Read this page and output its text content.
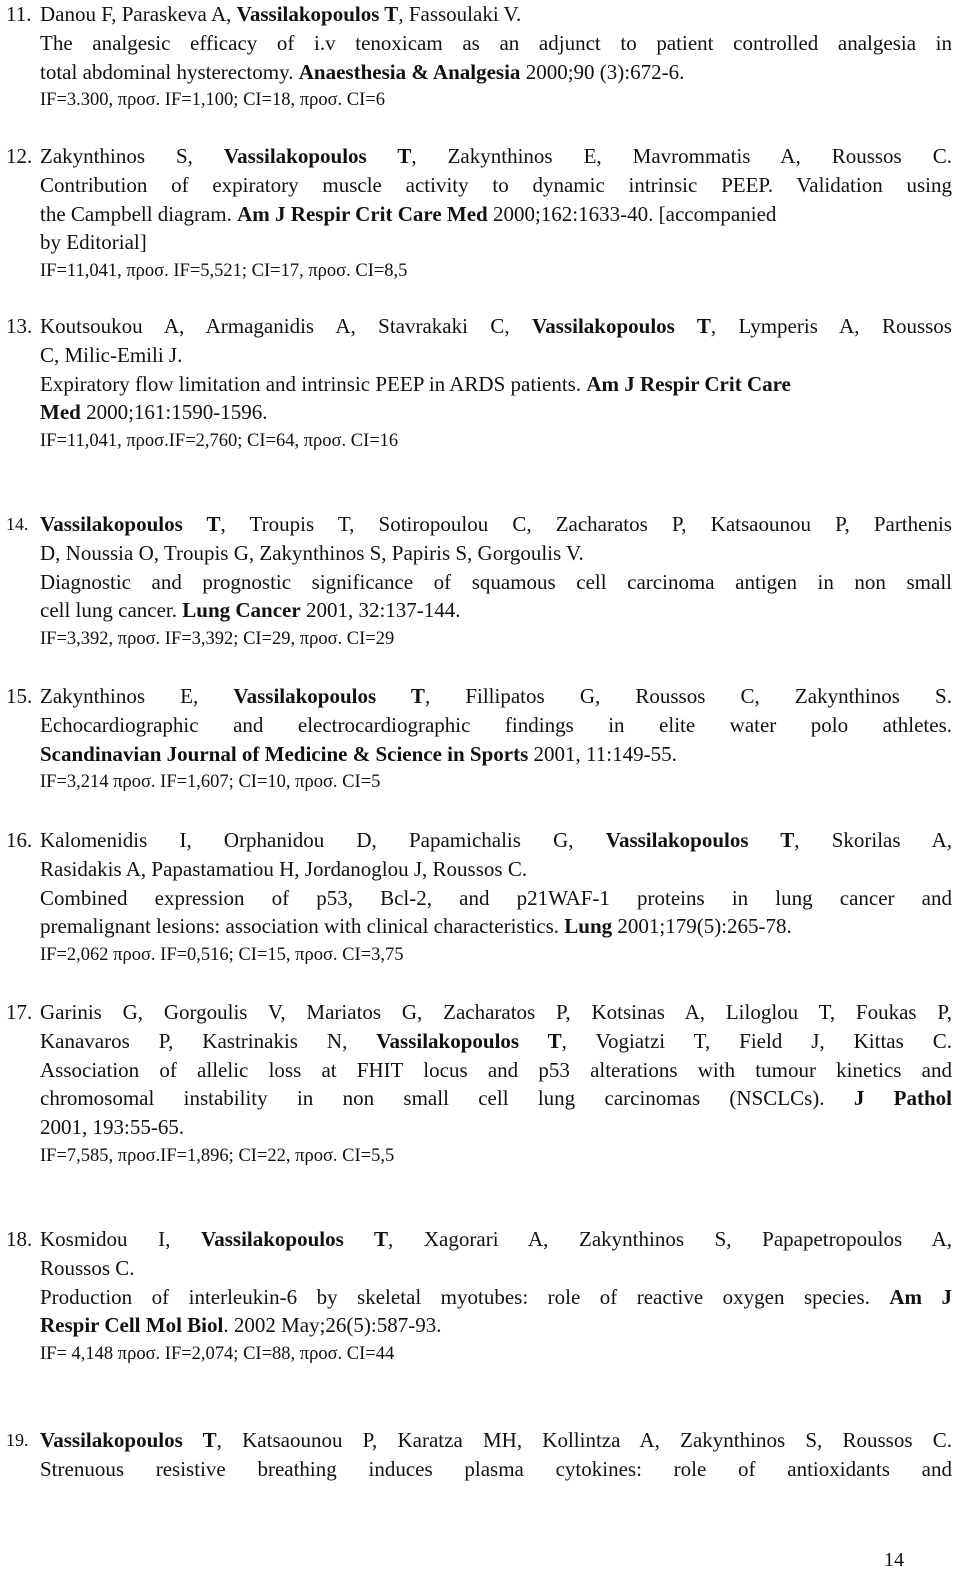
11. Danou F, Paraskeva A, Vassilakopoulos T, Fassoulaki V.
The analgesic efficacy of i.v tenoxicam as an adjunct to patient controlled analgesia in
total abdominal hysterectomy. Anaesthesia & Analgesia 2000;90 (3):672-6.
IF=3.300, προσ. IF=1,100; CI=18, προσ. CI=6
12. Zakynthinos S, Vassilakopoulos T, Zakynthinos E, Mavrommatis A, Roussos C.
Contribution of expiratory muscle activity to dynamic intrinsic PEEP. Validation using
the Campbell diagram. Am J Respir Crit Care Med 2000;162:1633-40. [accompanied
by Editorial]
IF=11,041, προσ. IF=5,521; CI=17, προσ. CI=8,5
13. Koutsoukou A, Armaganidis A, Stavrakaki C, Vassilakopoulos T, Lymperis A, Roussos
C, Milic-Emili J.
Expiratory flow limitation and intrinsic PEEP in ARDS patients. Am J Respir Crit Care
Med 2000;161:1590-1596.
IF=11,041, προσ.IF=2,760; CI=64, προσ. CI=16
14. Vassilakopoulos T, Troupis T, Sotiropoulou C, Zacharatos P, Katsaounou P, Parthenis
D, Noussia O, Troupis G, Zakynthinos S, Papiris S, Gorgoulis V.
Diagnostic and prognostic significance of squamous cell carcinoma antigen in non small
cell lung cancer. Lung Cancer 2001, 32:137-144.
IF=3,392, προσ. IF=3,392; CI=29, προσ. CI=29
15. Zakynthinos E, Vassilakopoulos T, Fillipatos G, Roussos C, Zakynthinos S.
Echocardiographic and electrocardiographic findings in elite water polo athletes.
Scandinavian Journal of Medicine & Science in Sports 2001, 11:149-55.
IF=3,214 προσ. IF=1,607; CI=10, προσ. CI=5
16. Kalomenidis I, Orphanidou D, Papamichalis G, Vassilakopoulos T, Skorilas A,
Rasidakis A, Papastamatiou H, Jordanoglou J, Roussos C.
Combined expression of p53, Bcl-2, and p21WAF-1 proteins in lung cancer and
premalignant lesions: association with clinical characteristics. Lung 2001;179(5):265-78.
IF=2,062 προσ. IF=0,516; CI=15, προσ. CI=3,75
17. Garinis G, Gorgoulis V, Mariatos G, Zacharatos P, Kotsinas A, Liloglou T, Foukas P,
Kanavaros P, Kastrinakis N, Vassilakopoulos T, Vogiatzi T, Field J, Kittas C.
Association of allelic loss at FHIT locus and p53 alterations with tumour kinetics and
chromosomal instability in non small cell lung carcinomas (NSCLCs). J Pathol
2001, 193:55-65.
IF=7,585, προσ.IF=1,896; CI=22, προσ. CI=5,5
18. Kosmidou I, Vassilakopoulos T, Xagorari A, Zakynthinos S, Papapetropoulos A,
Roussos C.
Production of interleukin-6 by skeletal myotubes: role of reactive oxygen species. Am J
Respir Cell Mol Biol. 2002 May;26(5):587-93.
IF= 4,148 προσ. IF=2,074; CI=88, προσ. CI=44
19. Vassilakopoulos T, Katsaounou P, Karatza MH, Kollintza A, Zakynthinos S, Roussos C.
Strenuous resistive breathing induces plasma cytokines: role of antioxidants and
14
